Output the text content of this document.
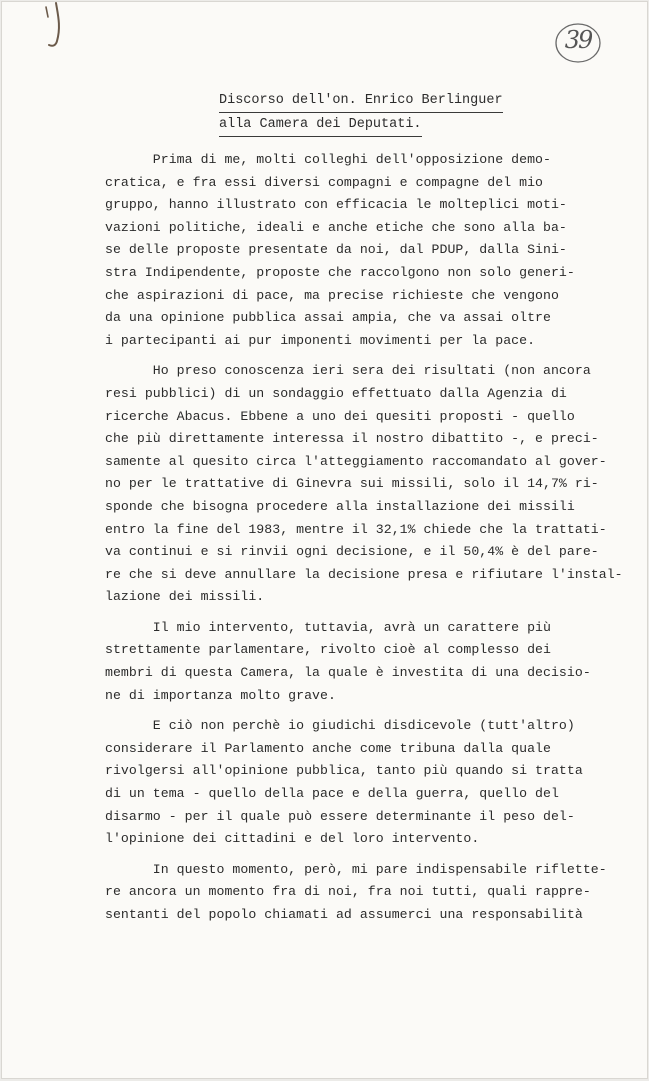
39
Discorso dell'on. Enrico Berlinguer
alla Camera dei Deputati.
Prima di me, molti colleghi dell'opposizione demo-
cratica, e fra essi diversi compagni e compagne del mio
gruppo, hanno illustrato con efficacia le molteplici moti-
vazioni politiche, ideali e anche etiche che sono alla ba-
se delle proposte presentate da noi, dal PDUP, dalla Sini-
stra Indipendente, proposte che raccolgono non solo generi-
che aspirazioni di pace, ma precise richieste che vengono
da una opinione pubblica assai ampia, che va assai oltre
i partecipanti ai pur imponenti movimenti per la pace.
Ho preso conoscenza ieri sera dei risultati (non ancora
resi pubblici) di un sondaggio effettuato dalla Agenzia di
ricerche Abacus. Ebbene a uno dei quesiti proposti - quello
che più direttamente interessa il nostro dibattito -, e preci-
samente al quesito circa l'atteggiamento raccomandato al gover-
no per le trattative di Ginevra sui missili, solo il 14,7% ri-
sponde che bisogna procedere alla installazione dei missili
entro la fine del 1983, mentre il 32,1% chiede che la trattati-
va continui e si rinvii ogni decisione, e il 50,4% è del pare-
re che si deve annullare la decisione presa e rifiutare l'instal-
lazione dei missili.
Il mio intervento, tuttavia, avrà un carattere più
strettamente parlamentare, rivolto cioè al complesso dei
membri di questa Camera, la quale è investita di una decisio-
ne di importanza molto grave.
E ciò non perchè io giudichi disdicevole (tutt'altro)
considerare il Parlamento anche come tribuna dalla quale
rivolgersi all'opinione pubblica, tanto più quando si tratta
di un tema - quello della pace e della guerra, quello del
disarmo - per il quale può essere determinante il peso del-
l'opinione dei cittadini e del loro intervento.
In questo momento, però, mi pare indispensabile riflette-
re ancora un momento fra di noi, fra noi tutti, quali rappre-
sentanti del popolo chiamati ad assumerci una responsabilità
